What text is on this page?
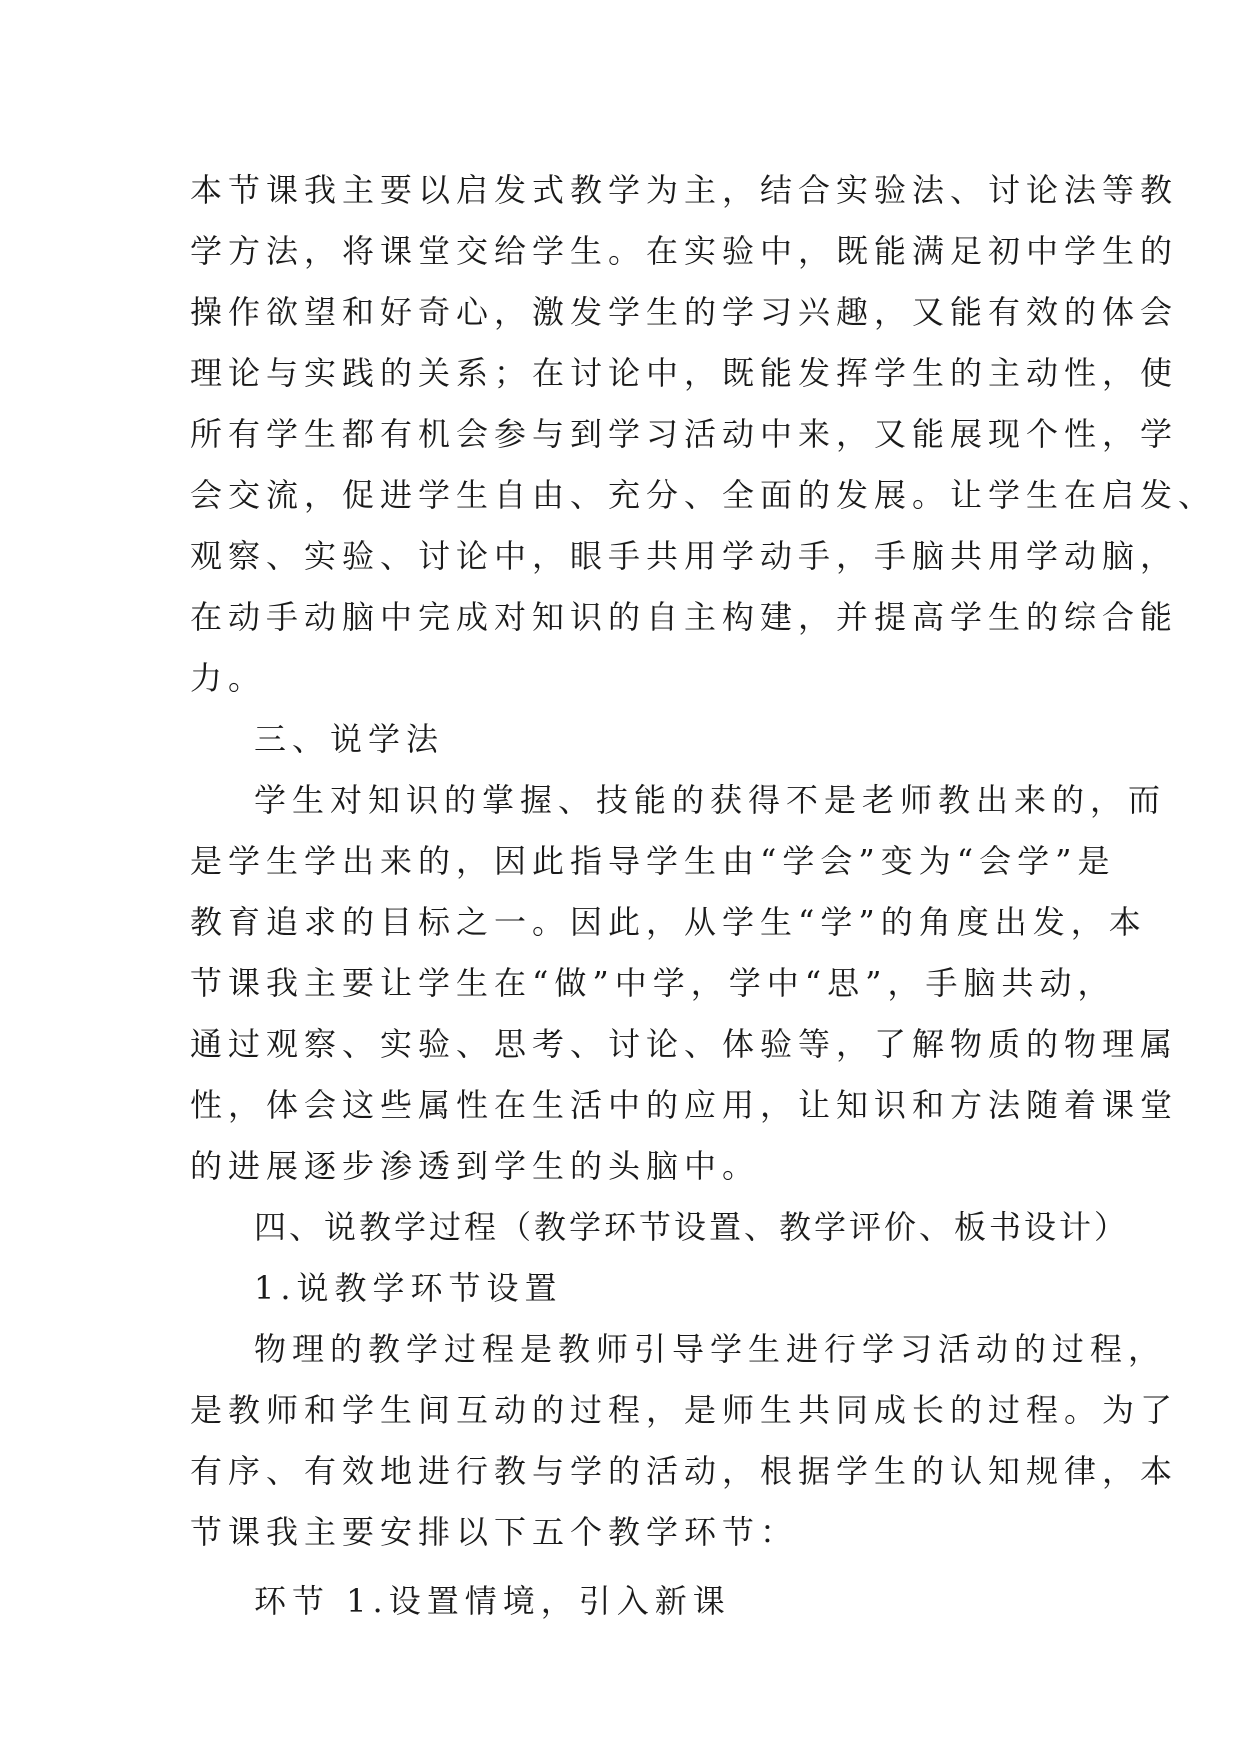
本节课我主要以启发式教学为主，结合实验法、讨论法等教
学方法，将课堂交给学生。在实验中，既能满足初中学生的
操作欲望和好奇心，激发学生的学习兴趣，又能有效的体会
理论与实践的关系；在讨论中，既能发挥学生的主动性，使
所有学生都有机会参与到学习活动中来，又能展现个性，学
会交流，促进学生自由、充分、全面的发展。让学生在启发、
观察、实验、讨论中，眼手共用学动手，手脑共用学动脑，
在动手动脑中完成对知识的自主构建，并提高学生的综合能
力。
三、说学法
学生对知识的掌握、技能的获得不是老师教出来的，而
是学生学出来的，因此指导学生由“学会”变为“会学”是
教育追求的目标之一。因此，从学生“学”的角度出发，本
节课我主要让学生在“做”中学，学中“思”，手脑共动，
通过观察、实验、思考、讨论、体验等，了解物质的物理属
性，体会这些属性在生活中的应用，让知识和方法随着课堂
的进展逐步渗透到学生的头脑中。
四、说教学过程（教学环节设置、教学评价、板书设计）
1.说教学环节设置
物理的教学过程是教师引导学生进行学习活动的过程，
是教师和学生间互动的过程，是师生共同成长的过程。为了
有序、有效地进行教与学的活动，根据学生的认知规律，本
节课我主要安排以下五个教学环节：
环节 1.设置情境，引入新课
